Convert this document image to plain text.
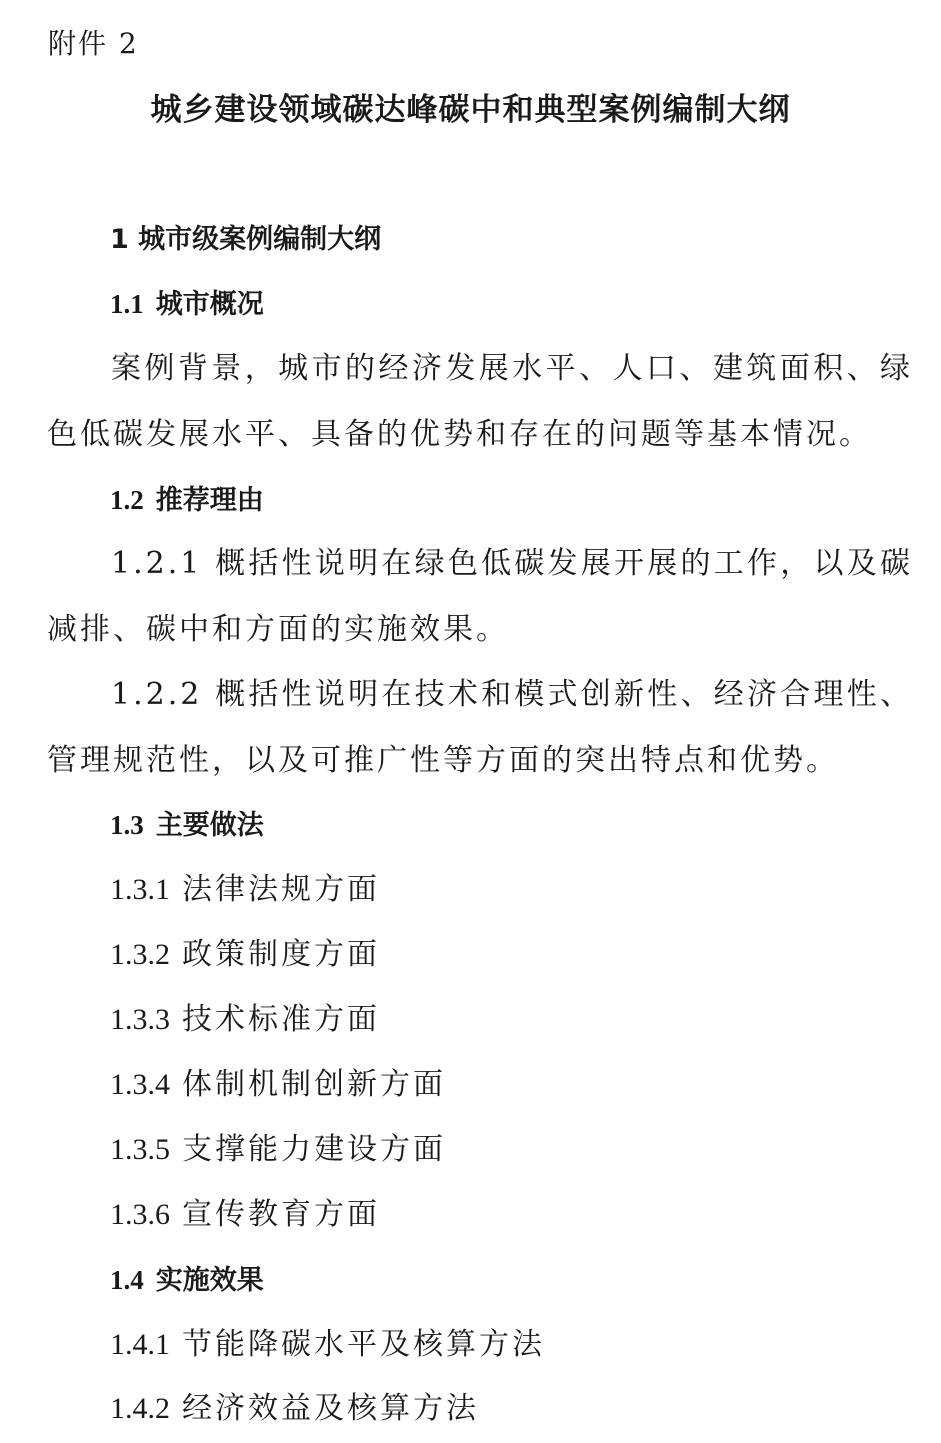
附件 2
城乡建设领域碳达峰碳中和典型案例编制大纲
1 城市级案例编制大纲
1.1 城市概况
案例背景，城市的经济发展水平、人口、建筑面积、绿色低碳发展水平、具备的优势和存在的问题等基本情况。
1.2 推荐理由
1.2.1 概括性说明在绿色低碳发展开展的工作，以及碳减排、碳中和方面的实施效果。
1.2.2 概括性说明在技术和模式创新性、经济合理性、管理规范性，以及可推广性等方面的突出特点和优势。
1.3 主要做法
1.3.1 法律法规方面
1.3.2 政策制度方面
1.3.3 技术标准方面
1.3.4 体制机制创新方面
1.3.5 支撑能力建设方面
1.3.6 宣传教育方面
1.4 实施效果
1.4.1 节能降碳水平及核算方法
1.4.2 经济效益及核算方法
